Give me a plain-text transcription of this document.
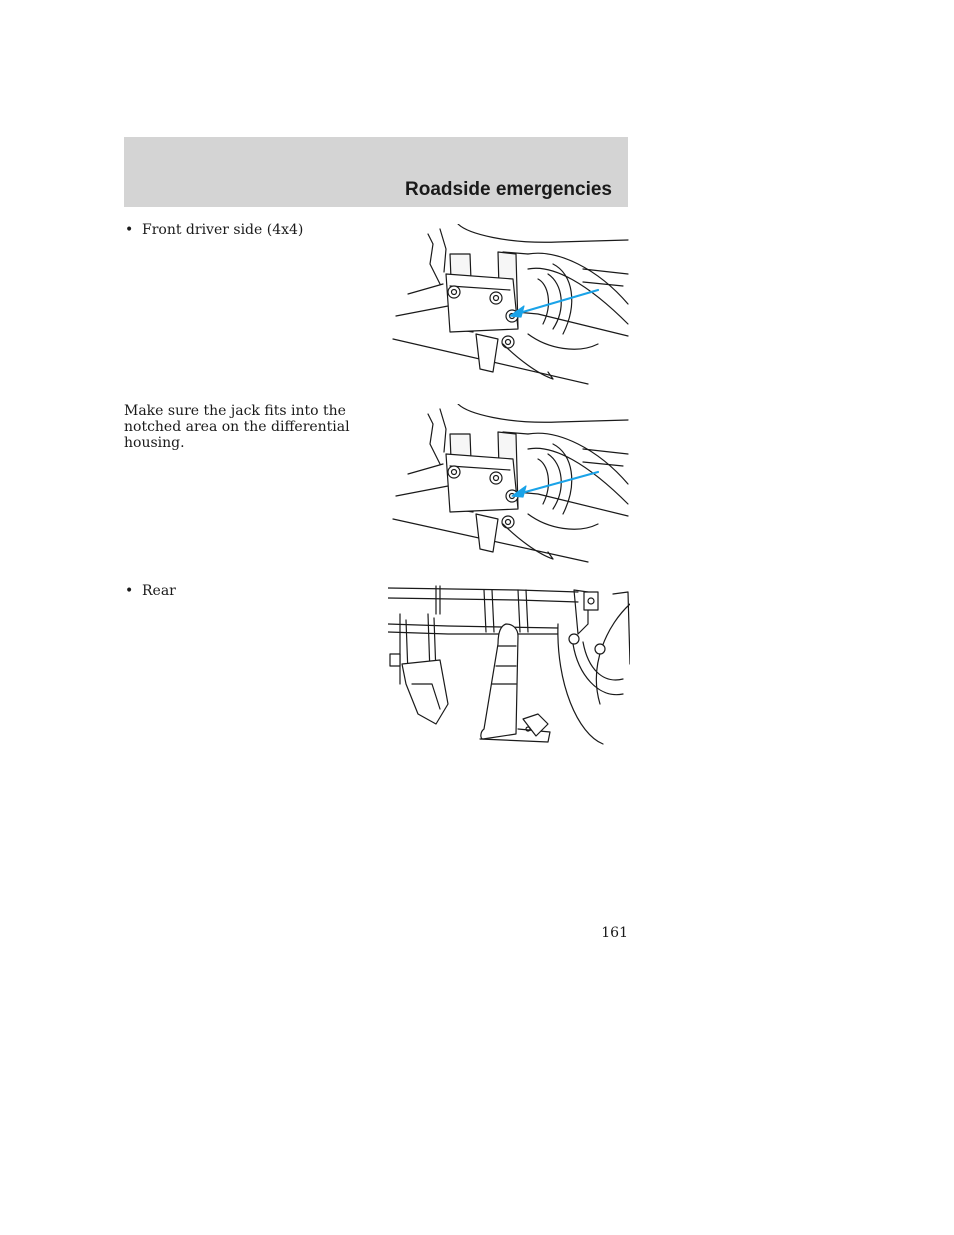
Roadside emergencies

• Front driver side (4x4)

Make sure the jack fits into the notched area on the differential housing.

• Rear

161
